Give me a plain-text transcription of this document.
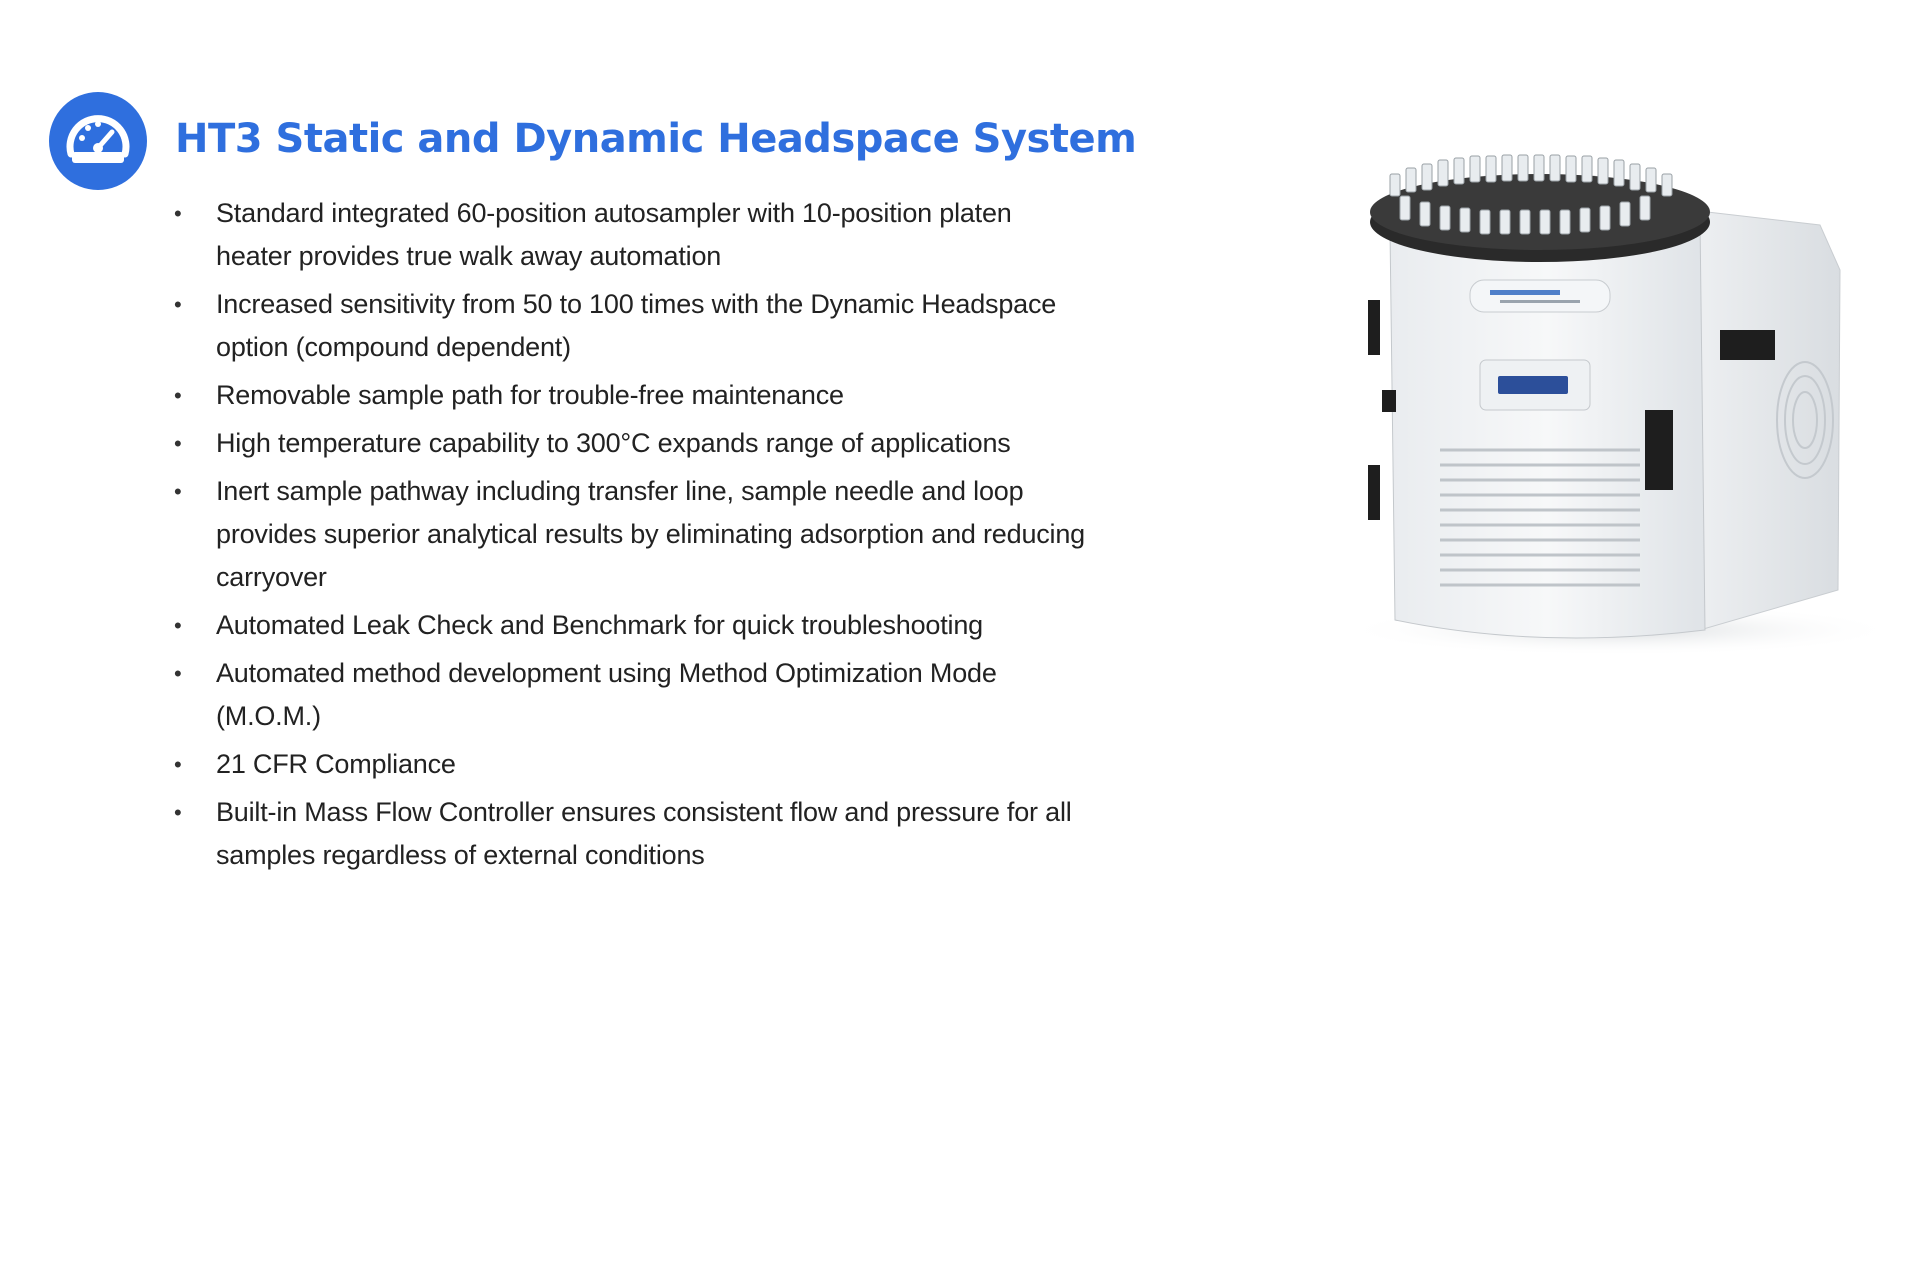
HT3 Static and Dynamic Headspace System
• Standard integrated 60-position autosampler with 10-position platen heater provides true walk away automation
• Increased sensitivity from 50 to 100 times with the Dynamic Headspace option (compound dependent)
• Removable sample path for trouble-free maintenance
• High temperature capability to 300°C expands range of applications
• Inert sample pathway including transfer line, sample needle and loop provides superior analytical results by eliminating adsorption and reducing carryover
• Automated Leak Check and Benchmark for quick troubleshooting
• Automated method development using Method Optimization Mode (M.O.M.)
• 21 CFR Compliance
• Built-in Mass Flow Controller ensures consistent flow and pressure for all samples regardless of external conditions
